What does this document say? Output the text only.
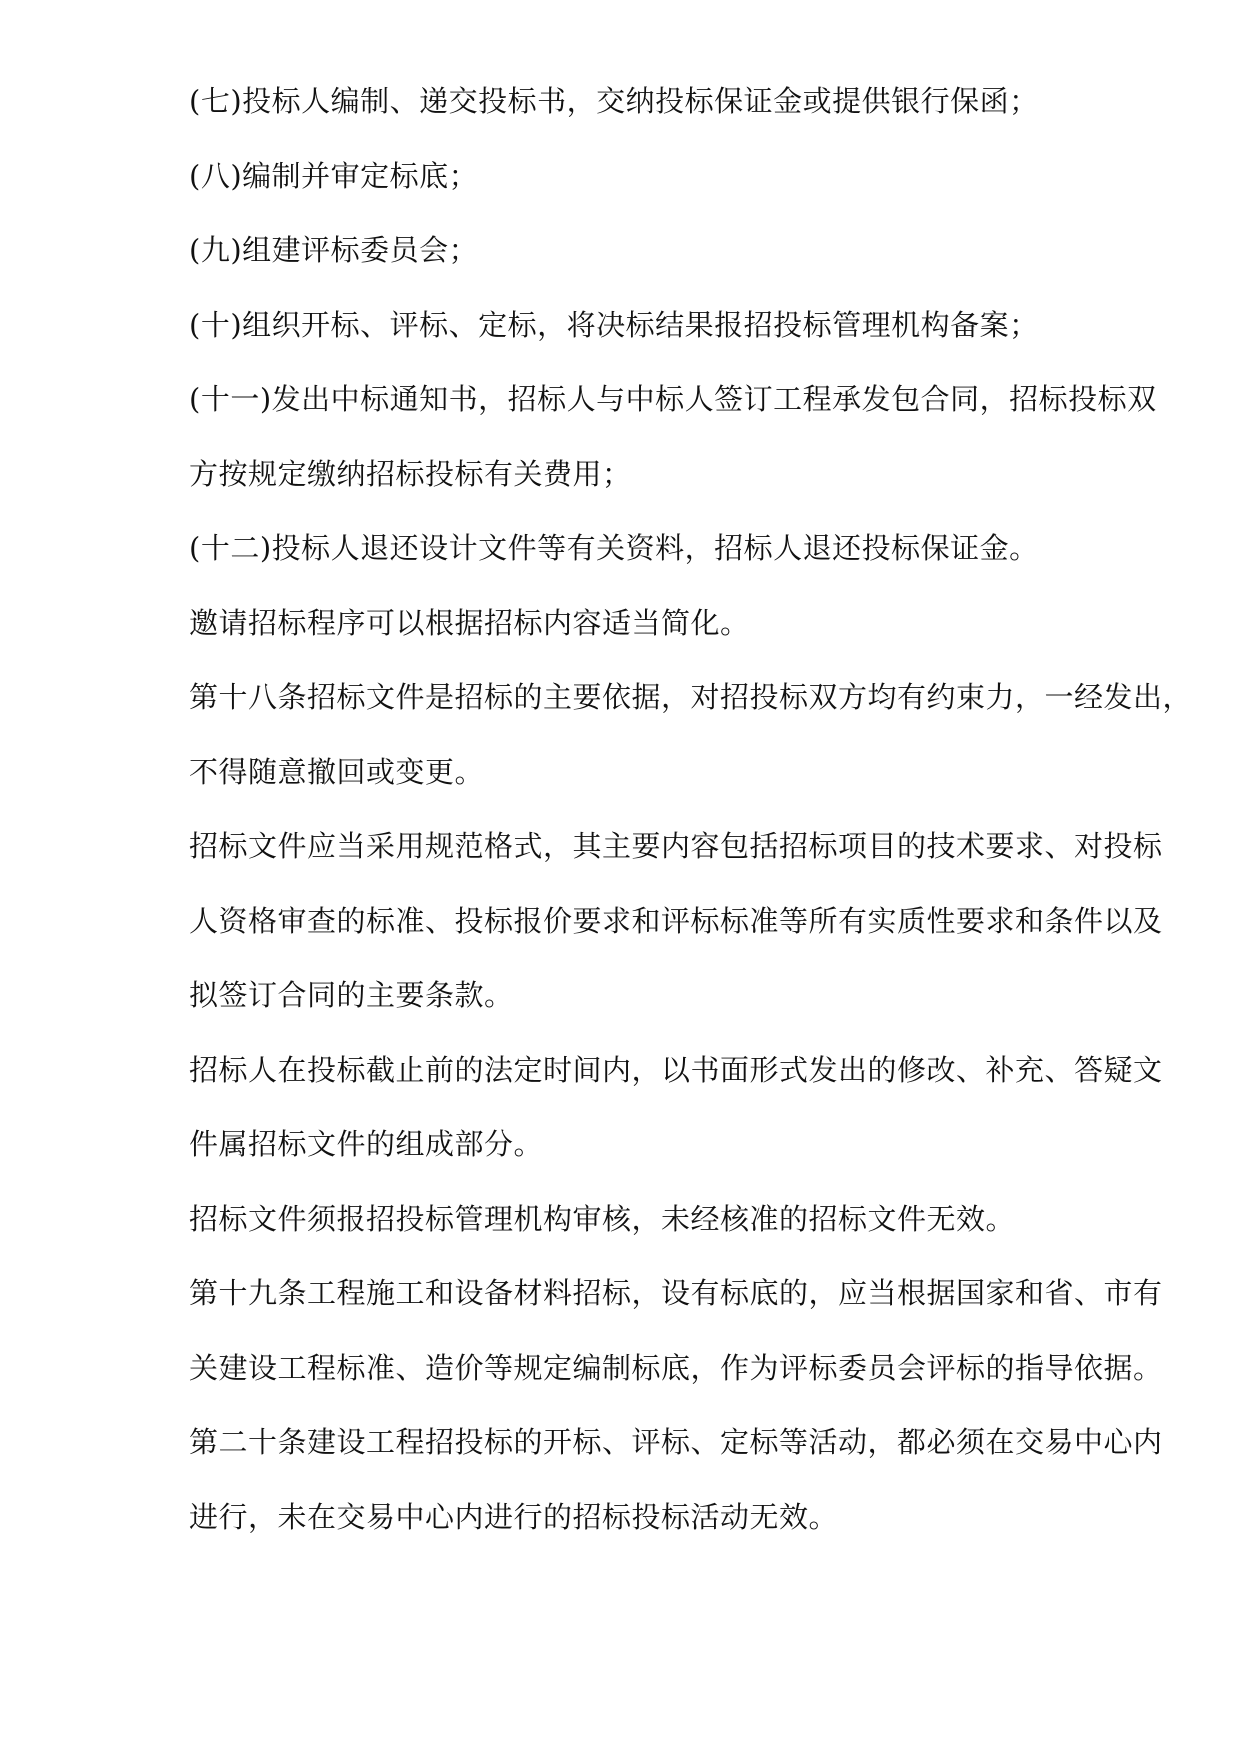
(七)投标人编制、递交投标书，交纳投标保证金或提供银行保函；
(八)编制并审定标底；
(九)组建评标委员会；
(十)组织开标、评标、定标，将决标结果报招投标管理机构备案；
(十一)发出中标通知书，招标人与中标人签订工程承发包合同，招标投标双
方按规定缴纳招标投标有关费用；
(十二)投标人退还设计文件等有关资料，招标人退还投标保证金。
邀请招标程序可以根据招标内容适当简化。
第十八条招标文件是招标的主要依据，对招投标双方均有约束力，一经发出，
不得随意撤回或变更。
招标文件应当采用规范格式，其主要内容包括招标项目的技术要求、对投标
人资格审查的标准、投标报价要求和评标标准等所有实质性要求和条件以及
拟签订合同的主要条款。
招标人在投标截止前的法定时间内，以书面形式发出的修改、补充、答疑文
件属招标文件的组成部分。
招标文件须报招投标管理机构审核，未经核准的招标文件无效。
第十九条工程施工和设备材料招标，设有标底的，应当根据国家和省、市有
关建设工程标准、造价等规定编制标底，作为评标委员会评标的指导依据。
第二十条建设工程招投标的开标、评标、定标等活动，都必须在交易中心内
进行，未在交易中心内进行的招标投标活动无效。
